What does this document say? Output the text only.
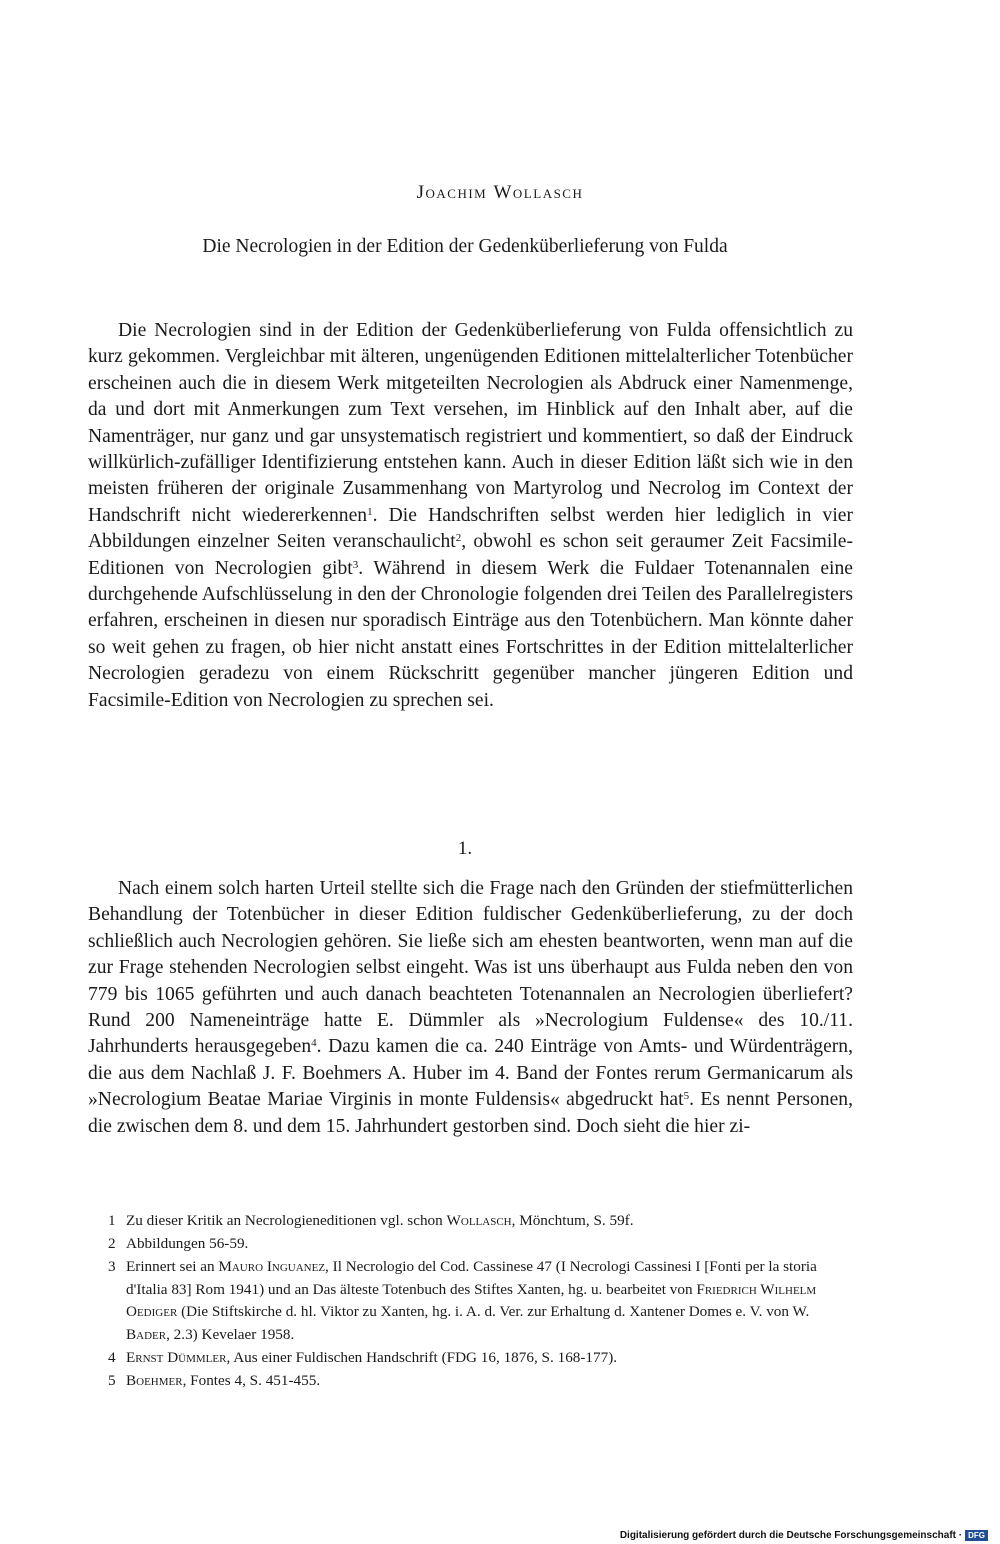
Joachim Wollasch
Die Necrologien in der Edition der Gedenküberlieferung von Fulda
Die Necrologien sind in der Edition der Gedenküberlieferung von Fulda offensichtlich zu kurz gekommen. Vergleichbar mit älteren, ungenügenden Editionen mittelalterlicher Totenbücher erscheinen auch die in diesem Werk mitgeteilten Necrologien als Abdruck einer Namenmenge, da und dort mit Anmerkungen zum Text versehen, im Hinblick auf den Inhalt aber, auf die Namenträger, nur ganz und gar unsystematisch registriert und kommentiert, so daß der Eindruck willkürlich-zufälliger Identifizierung entstehen kann. Auch in dieser Edition läßt sich wie in den meisten früheren der originale Zusammenhang von Martyrolog und Necrolog im Context der Handschrift nicht wiedererkennen$^1$. Die Handschriften selbst werden hier lediglich in vier Abbildungen einzelner Seiten veranschaulicht$^2$, obwohl es schon seit geraumer Zeit Facsimile-Editionen von Necrologien gibt$^3$. Während in diesem Werk die Fuldaer Totenannalen eine durchgehende Aufschlüsselung in den der Chronologie folgenden drei Teilen des Parallelregisters erfahren, erscheinen in diesen nur sporadisch Einträge aus den Totenbüchern. Man könnte daher so weit gehen zu fragen, ob hier nicht anstatt eines Fortschrittes in der Edition mittelalterlicher Necrologien geradezu von einem Rückschritt gegenüber mancher jüngeren Edition und Facsimile-Edition von Necrologien zu sprechen sei.
1.
Nach einem solch harten Urteil stellte sich die Frage nach den Gründen der stiefmütterlichen Behandlung der Totenbücher in dieser Edition fuldischer Gedenküberlieferung, zu der doch schließlich auch Necrologien gehören. Sie ließe sich am ehesten beantworten, wenn man auf die zur Frage stehenden Necrologien selbst eingeht. Was ist uns überhaupt aus Fulda neben den von 779 bis 1065 geführten und auch danach beachteten Totenannalen an Necrologien überliefert? Rund 200 Nameneinträge hatte E. Dümmler als »Necrologium Fuldense« des 10./11. Jahrhunderts herausgegeben$^4$. Dazu kamen die ca. 240 Einträge von Amts- und Würdenträgern, die aus dem Nachlaß J. F. Boehmers A. Huber im 4. Band der Fontes rerum Germanicarum als »Necrologium Beatae Mariae Virginis in monte Fuldensis« abgedruckt hat$^5$. Es nennt Personen, die zwischen dem 8. und dem 15. Jahrhundert gestorben sind. Doch sieht die hier zi-
1 Zu dieser Kritik an Necrologieneditionen vgl. schon Wollasch, Mönchtum, S. 59f.
2 Abbildungen 56-59.
3 Erinnert sei an Mauro Inguanez, Il Necrologio del Cod. Cassinese 47 (I Necrologi Cassinesi I [Fonti per la storia d'Italia 83] Rom 1941) und an Das älteste Totenbuch des Stiftes Xanten, hg. u. bearbeitet von Friedrich Wilhelm Oediger (Die Stiftskirche d. hl. Viktor zu Xanten, hg. i. A. d. Ver. zur Erhaltung d. Xantener Domes e. V. von W. Bader, 2.3) Kevelaer 1958.
4 Ernst Dümmler, Aus einer Fuldischen Handschrift (FDG 16, 1876, S. 168-177).
5 Boehmer, Fontes 4, S. 451-455.
Digitalisierung gefördert durch die Deutsche Forschungsgemeinschaft · DFG
